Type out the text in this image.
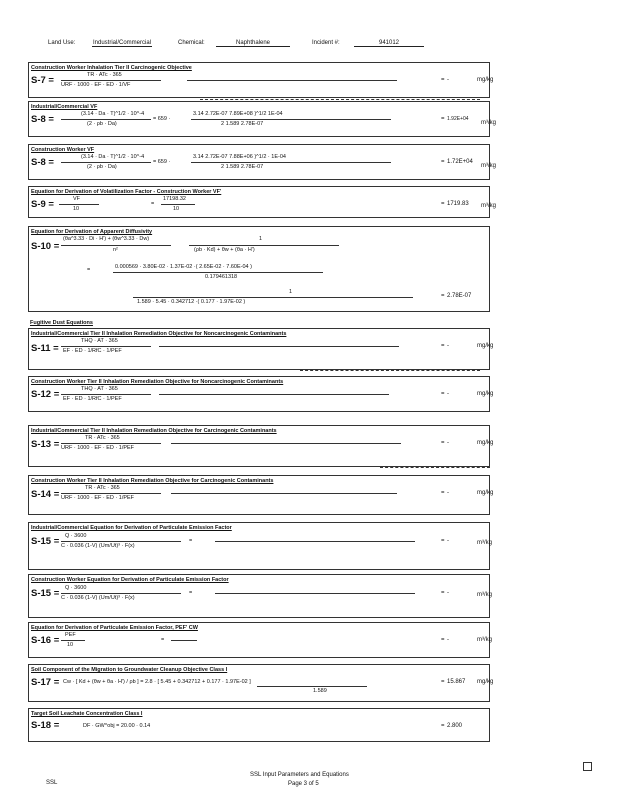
Land Use:	Industrial/Commercial	Chemical:	Naphthalene	Incident #:	941012
Construction Worker Inhalation Tier II Carcinogenic Objective
S-7 =	TR · ATc · 365
URF · 1000 · EF · ED · 1/VF
= -	mg/kg
Industrial/Commercial VF
S-8 =	(3.14 · Da · T)^1/2 · 10^-4
(2 · ρb · Da)
= 659 ·
3.14 2.72E-07 7.89E+08 )^1/2 1E-04
2 1.589 2.78E-07
= 1.92E+04
m³/kg
Construction Worker VF
S-8 =	(3.14 · Da · T)^1/2 · 10^-4
(2 · ρb · Da)
= 659 ·
3.14 2.72E-07 7.88E+06 )^1/2 · 1E-04
2 1.589 2.78E-07
= 1.72E+04
m³/kg
Equation for Derivation of Volatilization Factor - Construction Worker VF'
S-9 =	VF
10
=
17198.32
10
= 1719.83 m³/kg
Equation for Derivation of Apparent Diffusivity
S-10 =
(θa^3.33 · Di · H') + (θw^3.33 · Dw)
n²
1
(ρb · Kd) + θw + (θa · H')
=	0.000569 · 3.80E-02 · 1.37E-02 ·( 2.65E-02 · 7.60E-04 )
0.179461318
1
1.589 · 5.45 · 0.342712 ·( 0.177 · 1.97E-02 )
= 2.78E-07
Fugitive Dust Equations
Industrial/Commercial Tier II Inhalation Remediation Objective for Noncarcinogenic Contaminants
S-11 =
THQ · AT · 365
EF · ED · 1/RfC · 1/PEF
= -	mg/kg
Construction Worker Tier II Inhalation Remediation Objective for Noncarcinogenic Contaminants
S-12 =	THQ · AT · 365
EF · ED · 1/RfC · 1/PEF
= -	mg/kg
Industrial/Commercial Tier II Inhalation Remediation Objective for Carcinogenic Contaminants
S-13 =
TR · ATc · 365
URF · 1000 · EF · ED · 1/PEF
= -	mg/kg
Construction Worker Tier II Inhalation Remediation Objective for Carcinogenic Contaminants
S-14 =
TR · ATc · 365
URF · 1000 · EF · ED · 1/PEF
= -	mg/kg
Industrial/Commercial Equation for Derivation of Particulate Emission Factor
S-15 = Q · 3600
C · 0.036 (1-V) (Um/Ut)³ · F(x)
=	= -	m³/kg
Construction Worker Equation for Derivation of Particulate Emission Factor
S-15 = Q · 3600
C · 0.036 (1-V) (Um/Ut)³ · F(x)
=	= -	m³/kg
Equation for Derivation of Particulate Emission Factor, PEF' CW
S-16 = PEF
10
=	= -	m³/kg
Soil Component of the Migration to Groundwater Cleanup Objective Class I
S-17 = Cw · [ Kd + (θw + θa · H') / ρb ] = 2.8 · [ 5.45 + 0.342712 + 0.177 · 1.97E-02 ]
1.589
= 15.867 mg/kg
Target Soil Leachate Concentration Class I
S-18 =	DF · GW^obj = 20.00 · 0.14	= 2.800
SSL
SSL Input Parameters and Equations
Page 3 of 5
